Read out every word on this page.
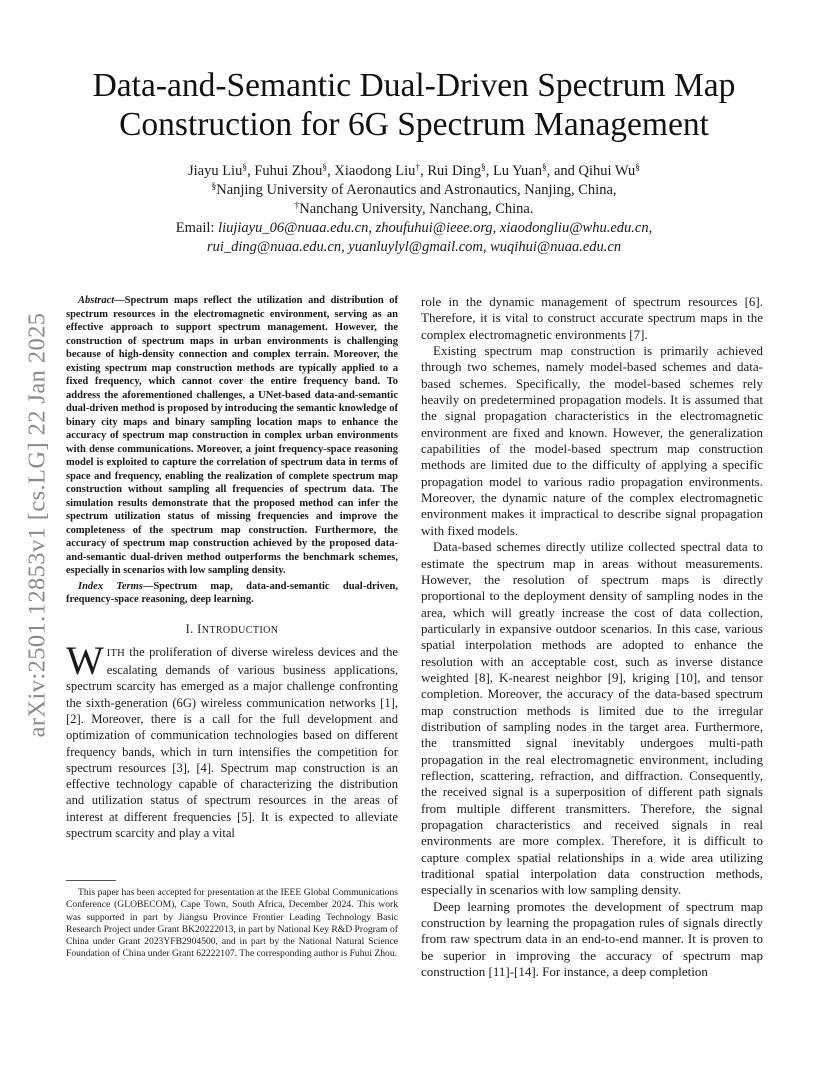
arXiv:2501.12853v1 [cs.LG] 22 Jan 2025
Data-and-Semantic Dual-Driven Spectrum Map
Construction for 6G Spectrum Management
Jiayu Liu§, Fuhui Zhou§, Xiaodong Liu†, Rui Ding§, Lu Yuan§, and Qihui Wu§
§Nanjing University of Aeronautics and Astronautics, Nanjing, China,
†Nanchang University, Nanchang, China.
Email: liujiayu_06@nuaa.edu.cn, zhoufuhui@ieee.org, xiaodongliu@whu.edu.cn,
rui_ding@nuaa.edu.cn, yuanluylyl@gmail.com, wuqihui@nuaa.edu.cn

Abstract—Spectrum maps reflect the utilization and distribution of spectrum resources in the electromagnetic environment, serving as an effective approach to support spectrum management. However, the construction of spectrum maps in urban environments is challenging because of high-density connection and complex terrain. Moreover, the existing spectrum map construction methods are typically applied to a fixed frequency, which cannot cover the entire frequency band. To address the aforementioned challenges, a UNet-based data-and-semantic dual-driven method is proposed by introducing the semantic knowledge of binary city maps and binary sampling location maps to enhance the accuracy of spectrum map construction in complex urban environments with dense communications. Moreover, a joint frequency-space reasoning model is exploited to capture the correlation of spectrum data in terms of space and frequency, enabling the realization of complete spectrum map construction without sampling all frequencies of spectrum data. The simulation results demonstrate that the proposed method can infer the spectrum utilization status of missing frequencies and improve the completeness of the spectrum map construction. Furthermore, the accuracy of spectrum map construction achieved by the proposed data-and-semantic dual-driven method outperforms the benchmark schemes, especially in scenarios with low sampling density.

Index Terms—Spectrum map, data-and-semantic dual-driven, frequency-space reasoning, deep learning.

I. INTRODUCTION

WITH the proliferation of diverse wireless devices and the escalating demands of various business applications, spectrum scarcity has emerged as a major challenge confronting the sixth-generation (6G) wireless communication networks [1], [2]. Moreover, there is a call for the full development and optimization of communication technologies based on different frequency bands, which in turn intensifies the competition for spectrum resources [3], [4]. Spectrum map construction is an effective technology capable of characterizing the distribution and utilization status of spectrum resources in the areas of interest at different frequencies [5]. It is expected to alleviate spectrum scarcity and play a vital

This paper has been accepted for presentation at the IEEE Global Communications Conference (GLOBECOM), Cape Town, South Africa, December 2024. This work was supported in part by Jiangsu Province Frontier Leading Technology Basic Research Project under Grant BK20222013, in part by National Key R&D Program of China under Grant 2023YFB2904500, and in part by the National Natural Science Foundation of China under Grant 62222107. The corresponding author is Fuhui Zhou.

role in the dynamic management of spectrum resources [6]. Therefore, it is vital to construct accurate spectrum maps in the complex electromagnetic environments [7].

Existing spectrum map construction is primarily achieved through two schemes, namely model-based schemes and data-based schemes. Specifically, the model-based schemes rely heavily on predetermined propagation models. It is assumed that the signal propagation characteristics in the electromagnetic environment are fixed and known. However, the generalization capabilities of the model-based spectrum map construction methods are limited due to the difficulty of applying a specific propagation model to various radio propagation environments. Moreover, the dynamic nature of the complex electromagnetic environment makes it impractical to describe signal propagation with fixed models.

Data-based schemes directly utilize collected spectral data to estimate the spectrum map in areas without measurements. However, the resolution of spectrum maps is directly proportional to the deployment density of sampling nodes in the area, which will greatly increase the cost of data collection, particularly in expansive outdoor scenarios. In this case, various spatial interpolation methods are adopted to enhance the resolution with an acceptable cost, such as inverse distance weighted [8], K-nearest neighbor [9], kriging [10], and tensor completion. Moreover, the accuracy of the data-based spectrum map construction methods is limited due to the irregular distribution of sampling nodes in the target area. Furthermore, the transmitted signal inevitably undergoes multi-path propagation in the real electromagnetic environment, including reflection, scattering, refraction, and diffraction. Consequently, the received signal is a superposition of different path signals from multiple different transmitters. Therefore, the signal propagation characteristics and received signals in real environments are more complex. Therefore, it is difficult to capture complex spatial relationships in a wide area utilizing traditional spatial interpolation data construction methods, especially in scenarios with low sampling density.

Deep learning promotes the development of spectrum map construction by learning the propagation rules of signals directly from raw spectrum data in an end-to-end manner. It is proven to be superior in improving the accuracy of spectrum map construction [11]-[14]. For instance, a deep completion
